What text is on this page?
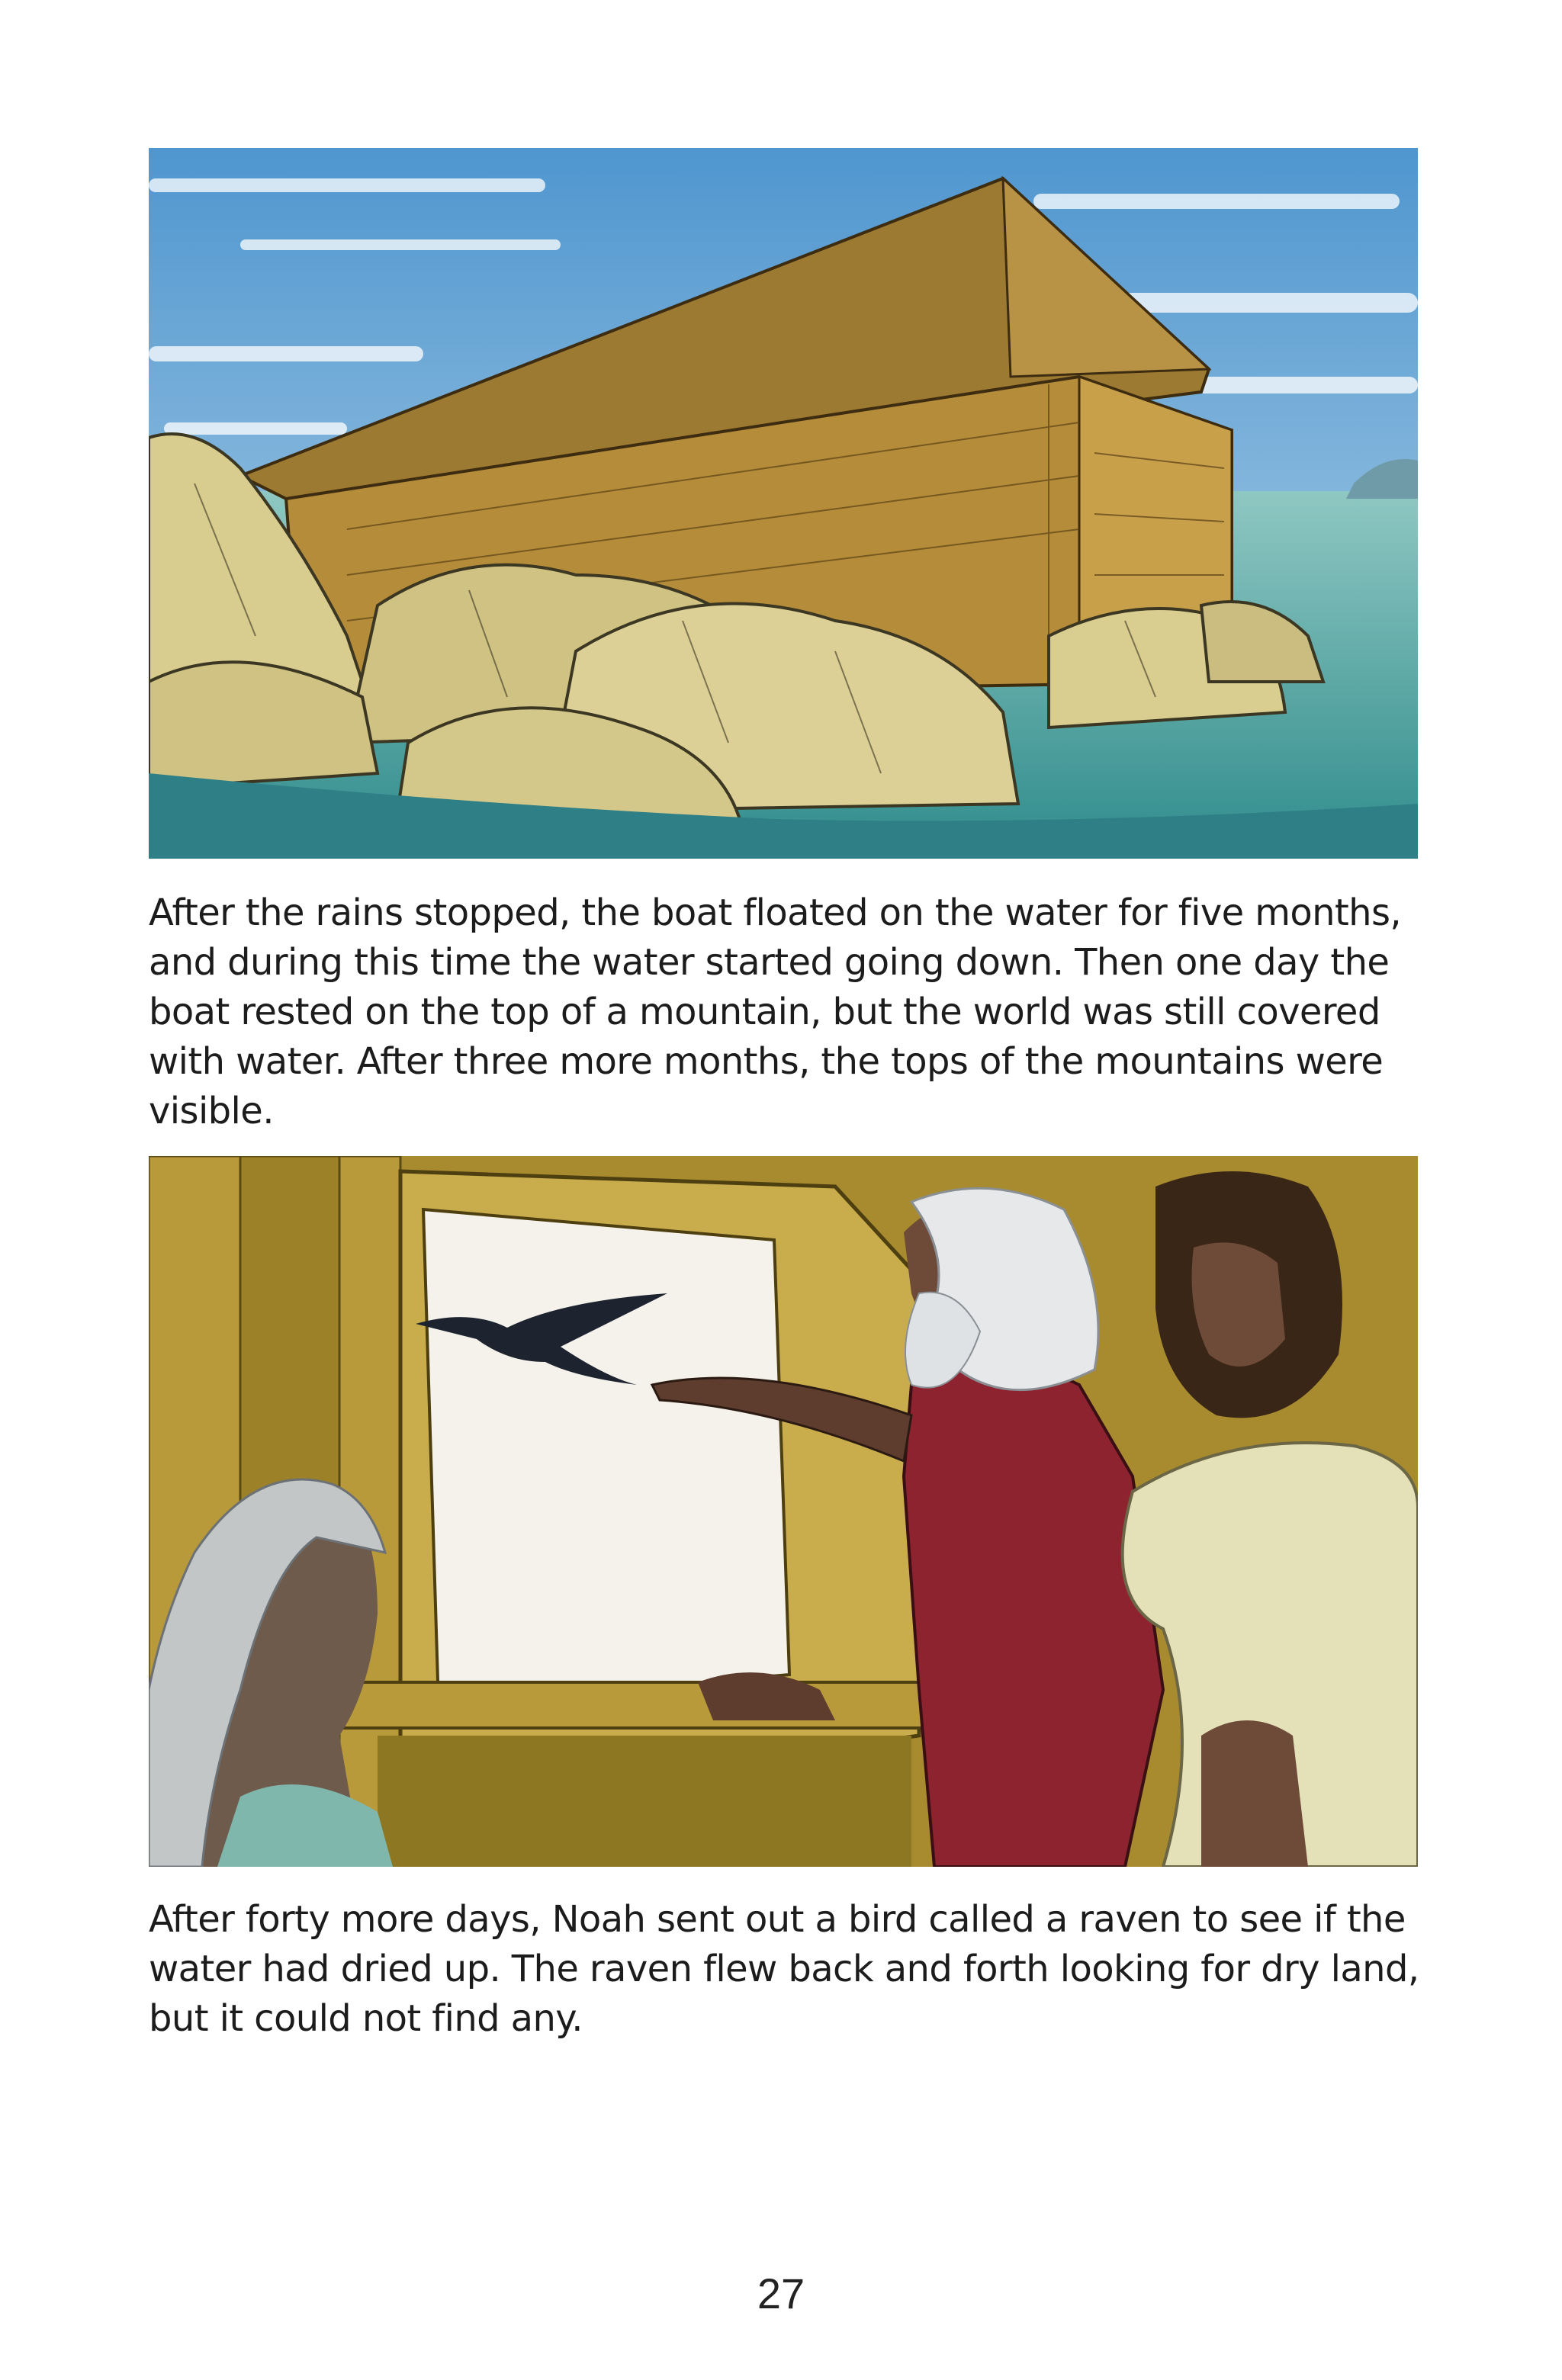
After the rains stopped, the boat floated on the water for five months, and during this time the water started going down. Then one day the boat rested on the top of a mountain, but the world was still covered with water. After three more months, the tops of the mountains were visible.

After forty more days, Noah sent out a bird called a raven to see if the water had dried up. The raven flew back and forth looking for dry land, but it could not find any.

27
